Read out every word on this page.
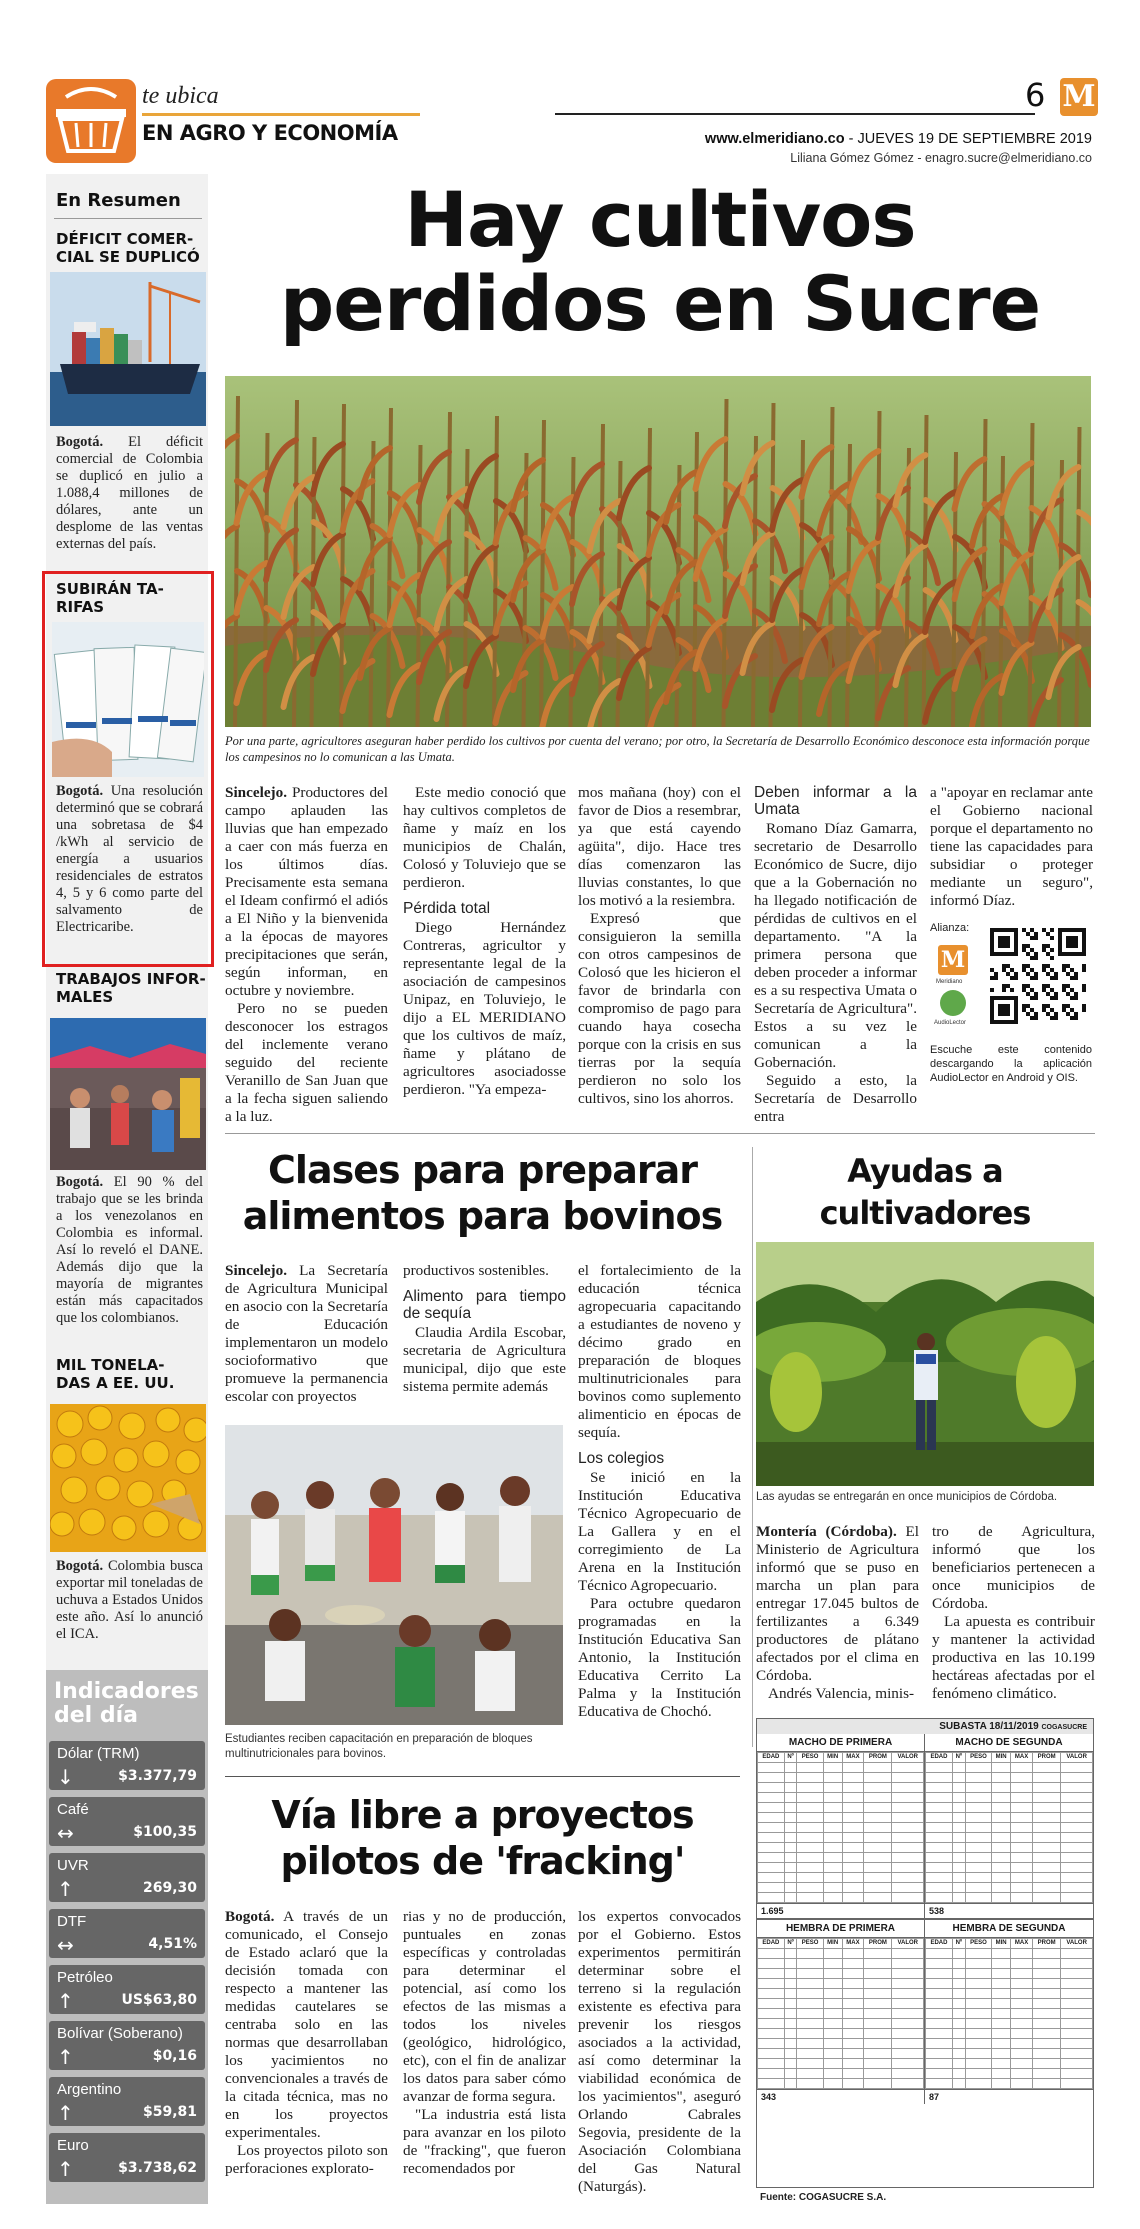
te ubica
EN AGRO Y ECONOMÍA
6 M
www.elmeridiano.co - JUEVES 19 DE SEPTIEMBRE 2019
Liliana Gómez Gómez - enagro.sucre@elmeridiano.co
En Resumen
DÉFICIT COMER-
CIAL SE DUPLICÓ
Bogotá. El déficit comercial de Colombia se duplicó en julio a 1.088,4 millones de dólares, ante un desplome de las ventas externas del país.
SUBIRÁN TA-
RIFAS
Bogotá. Una resolución determinó que se cobrará una sobretasa de $4 /kWh al servicio de energía a usuarios residenciales de estratos 4, 5 y 6 como parte del salvamento de Electricaribe.
TRABAJOS INFOR-
MALES
Bogotá. El 90 % del trabajo que se les brinda a los venezolanos en Colombia es informal. Así lo reveló el DANE. Además dijo que la mayoría de migrantes están más capacitados que los colombianos.
MIL TONELA-
DAS A EE. UU.
Bogotá. Colombia busca exportar mil toneladas de uchuva a Estados Unidos este año. Así lo anunció el ICA.
Indicadores
del día
Dólar (TRM)
↓	$3.377,79
Café
↔	$100,35
UVR
↑	269,30
DTF
↔	4,51%
Petróleo
↑	US$63,80
Bolívar (Soberano)
↑	$0,16
Argentino
↑	$59,81
Euro
↑	$3.738,62
Hay cultivos
perdidos en Sucre
Por una parte, agricultores aseguran haber perdido los cultivos por cuenta del verano; por otro, la Secretaría de Desarrollo Económico desconoce esta información porque los campesinos no lo comunican a las Umata.

Sincelejo. Productores del campo aplauden las lluvias que han empezado a caer con más fuerza en los últimos días. Precisamente esta semana el Ideam confirmó el adiós a El Niño y la bienvenida a la épocas de mayores precipitaciones que serán, según informan, en octubre y noviembre.

Pero no se pueden desconocer los estragos del inclemente verano seguido del reciente Veranillo de San Juan que a la fecha siguen saliendo a la luz.

Este medio conoció que hay cultivos completos de ñame y maíz en los municipios de Chalán, Colosó y Toluviejo que se perdieron.

Pérdida total

Diego Hernández Contreras, agricultor y representante legal de la asociación de campesinos Unipaz, en Toluviejo, le dijo a EL MERIDIANO que los cultivos de maíz, ñame y plátano de agricultores asociadosse perdieron. "Ya empeza-

mos mañana (hoy) con el favor de Dios a resembrar, ya que está cayendo agüita", dijo. Hace tres días comenzaron las lluvias constantes, lo que los motivó a la resiembra.

Expresó que consiguieron la semilla con otros campesinos de Colosó que les hicieron el favor de brindarla con compromiso de pago para cuando haya cosecha porque con la crisis en sus tierras por la sequía perdieron no solo los cultivos, sino los ahorros.

Deben informar a la Umata

Romano Díaz Gamarra, secretario de Desarrollo Económico de Sucre, dijo que a la Gobernación no ha llegado notificación de pérdidas de cultivos en el departamento. "A la primera persona que deben proceder a informar es a su respectiva Umata o Secretaría de Agricultura". Estos a su vez le comunican a la Gobernación.

Seguido a esto, la Secretaría de Desarrollo entra

a "apoyar en reclamar ante el Gobierno nacional porque el departamento no tiene las capacidades para subsidiar o proteger mediante un seguro", informó Díaz.

Alianza:
M
Meridiano
AudioLector
Escuche este contenido descargando la aplicación AudioLector en Android y OIS.
Clases para preparar
alimentos para bovinos

Sincelejo. La Secretaría de Agricultura Municipal en asocio con la Secretaría de Educación implementaron un modelo socioformativo que promueve la permanencia escolar con proyectos

productivos sostenibles.

Alimento para tiempo de sequía

Claudia Ardila Escobar, secretaria de Agricultura municipal, dijo que este sistema permite además

el fortalecimiento de la educación técnica agropecuaria capacitando a estudiantes de noveno y décimo grado en preparación de bloques multinutricionales para bovinos como suplemento alimenticio en épocas de sequía.

Los colegios

Se inició en la Institución Educativa Técnico Agropecuario de La Gallera y en el corregimiento de La Arena en la Institución Técnico Agropecuario.

Para octubre quedaron programadas en la Institución Educativa San Antonio, la Institución Educativa Cerrito La Palma y la Institución Educativa de Chochó.

Estudiantes reciben capacitación en preparación de bloques multinutricionales para bovinos.
Ayudas a
cultivadores
Las ayudas se entregarán en once municipios de Córdoba.

Montería (Córdoba). El Ministerio de Agricultura informó que se puso en marcha un plan para entregar 17.045 bultos de fertilizantes a 6.349 productores de plátano afectados por el clima en Córdoba.

Andrés Valencia, minis-

tro de Agricultura, informó que los beneficiarios pertenecen a once municipios de Córdoba.

La apuesta es contribuir y mantener la actividad productiva en las 10.199 hectáreas afectadas por el fenómeno climático.

Vía libre a proyectos
pilotos de 'fracking'

Bogotá. A través de un comunicado, el Consejo de Estado aclaró que la decisión tomada con respecto a mantener las medidas cautelares se centraba solo en las normas que desarrollaban los yacimientos no convencionales a través de la citada técnica, mas no en los proyectos experimentales.

Los proyectos piloto son perforaciones explorato-

rias y no de producción, puntuales en zonas específicas y controladas para determinar el potencial, así como los efectos de las mismas a todos los niveles (geológico, hidrológico, etc), con el fin de analizar los datos para saber cómo avanzar de forma segura.

"La industria está lista para avanzar en los piloto de "fracking", que fueron recomendados por

los expertos convocados por el Gobierno. Estos experimentos permitirán determinar sobre el terreno si la regulación existente es efectiva para prevenir los riesgos asociados a la actividad, así como determinar la viabilidad económica de los yacimientos", aseguró Orlando Cabrales Segovia, presidente de la Asociación Colombiana del Gas Natural (Naturgás).

SUBASTA 18/11/2019 COGASUCRE
MACHO DE PRIMERA
EDAD	Nº	PESO	MIN	MAX	PROM	VALOR

1.695
MACHO DE SEGUNDA
EDAD	Nº	PESO	MIN	MAX	PROM	VALOR

538
HEMBRA DE PRIMERA
EDAD	Nº	PESO	MIN	MAX	PROM	VALOR

343
HEMBRA DE SEGUNDA
EDAD	Nº	PESO	MIN	MAX	PROM	VALOR

87
Fuente: COGASUCRE S.A.
